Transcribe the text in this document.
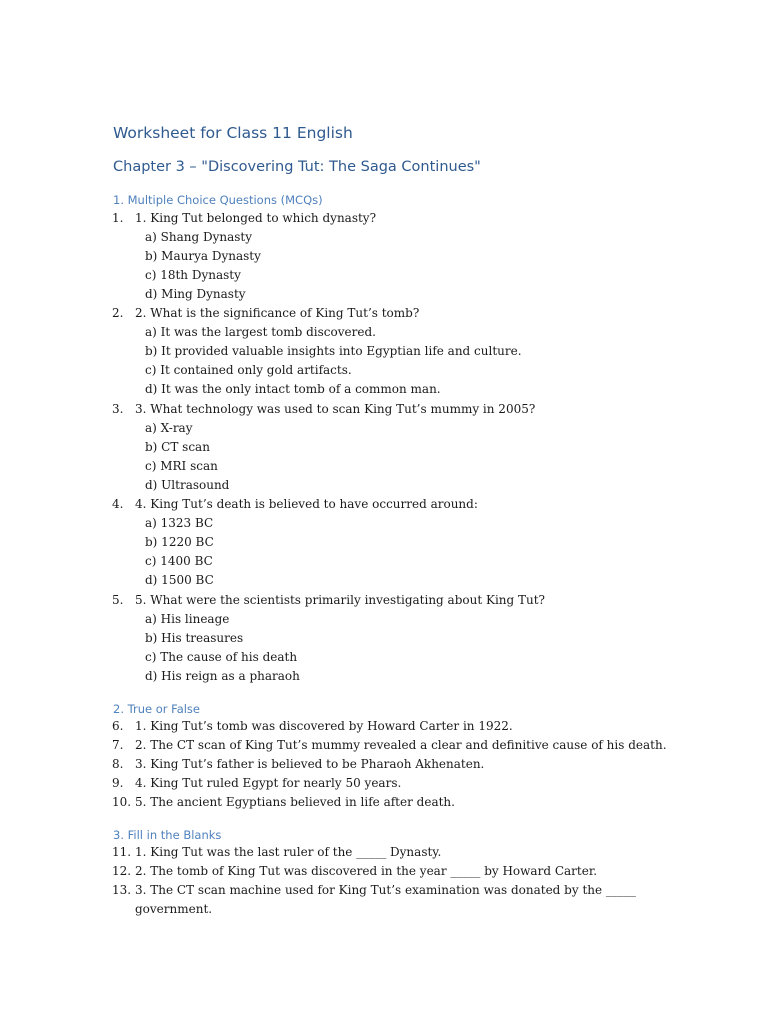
Worksheet for Class 11 English
Chapter 3 – "Discovering Tut: The Saga Continues"
1. Multiple Choice Questions (MCQs)
1. 1. King Tut belonged to which dynasty?
a) Shang Dynasty
b) Maurya Dynasty
c) 18th Dynasty
d) Ming Dynasty
2. 2. What is the significance of King Tut’s tomb?
a) It was the largest tomb discovered.
b) It provided valuable insights into Egyptian life and culture.
c) It contained only gold artifacts.
d) It was the only intact tomb of a common man.
3. 3. What technology was used to scan King Tut’s mummy in 2005?
a) X-ray
b) CT scan
c) MRI scan
d) Ultrasound
4. 4. King Tut’s death is believed to have occurred around:
a) 1323 BC
b) 1220 BC
c) 1400 BC
d) 1500 BC
5. 5. What were the scientists primarily investigating about King Tut?
a) His lineage
b) His treasures
c) The cause of his death
d) His reign as a pharaoh
2. True or False
6. 1. King Tut’s tomb was discovered by Howard Carter in 1922.
7. 2. The CT scan of King Tut’s mummy revealed a clear and definitive cause of his death.
8. 3. King Tut’s father is believed to be Pharaoh Akhenaten.
9. 4. King Tut ruled Egypt for nearly 50 years.
10. 5. The ancient Egyptians believed in life after death.
3. Fill in the Blanks
11. 1. King Tut was the last ruler of the _____ Dynasty.
12. 2. The tomb of King Tut was discovered in the year _____ by Howard Carter.
13. 3. The CT scan machine used for King Tut’s examination was donated by the _____
government.
